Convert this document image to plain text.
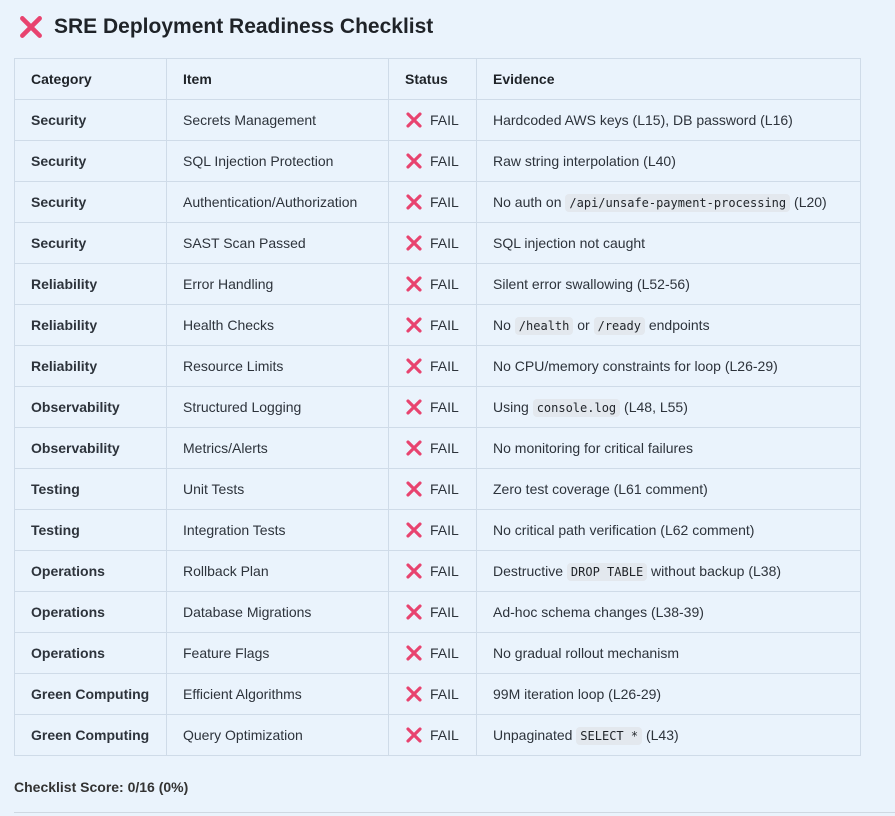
SRE Deployment Readiness Checklist
Category	Item	Status	Evidence
Security	Secrets Management	FAIL	Hardcoded AWS keys (L15), DB password (L16)
Security	SQL Injection Protection	FAIL	Raw string interpolation (L40)
Security	Authentication/Authorization	FAIL	No auth on /api/unsafe-payment-processing (L20)
Security	SAST Scan Passed	FAIL	SQL injection not caught
Reliability	Error Handling	FAIL	Silent error swallowing (L52-56)
Reliability	Health Checks	FAIL	No /health or /ready endpoints
Reliability	Resource Limits	FAIL	No CPU/memory constraints for loop (L26-29)
Observability	Structured Logging	FAIL	Using console.log (L48, L55)
Observability	Metrics/Alerts	FAIL	No monitoring for critical failures
Testing	Unit Tests	FAIL	Zero test coverage (L61 comment)
Testing	Integration Tests	FAIL	No critical path verification (L62 comment)
Operations	Rollback Plan	FAIL	Destructive DROP TABLE without backup (L38)
Operations	Database Migrations	FAIL	Ad-hoc schema changes (L38-39)
Operations	Feature Flags	FAIL	No gradual rollout mechanism
Green Computing	Efficient Algorithms	FAIL	99M iteration loop (L26-29)
Green Computing	Query Optimization	FAIL	Unpaginated SELECT * (L43)
Checklist Score: 0/16 (0%)
